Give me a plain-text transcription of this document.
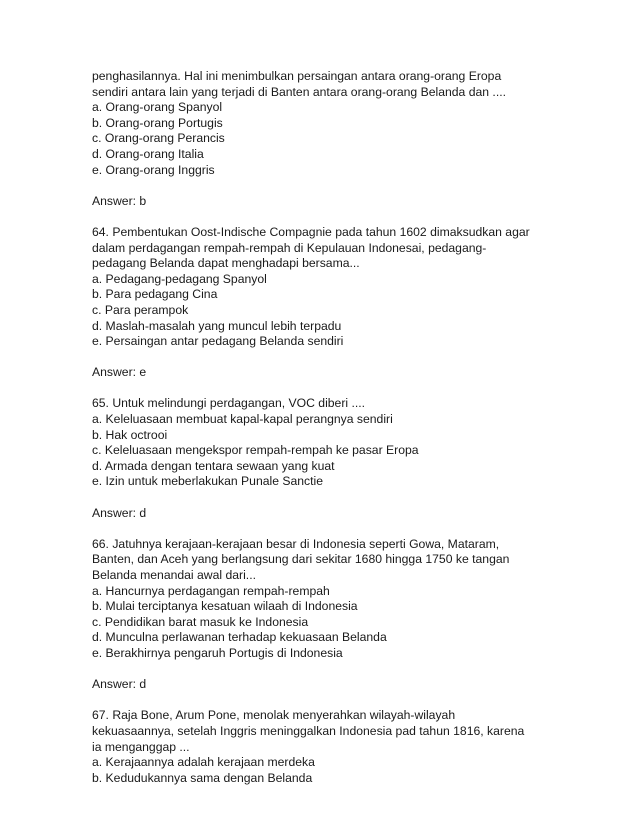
penghasilannya. Hal ini menimbulkan persaingan antara orang-orang Eropa
sendiri antara lain yang terjadi di Banten antara orang-orang Belanda dan ....
a. Orang-orang Spanyol
b. Orang-orang Portugis
c. Orang-orang Perancis
d. Orang-orang Italia
e. Orang-orang Inggris
Answer: b
64. Pembentukan Oost-Indische Compagnie pada tahun 1602 dimaksudkan agar
dalam perdagangan rempah-rempah di Kepulauan Indonesai, pedagang-
pedagang Belanda dapat menghadapi bersama...
a. Pedagang-pedagang Spanyol
b. Para pedagang Cina
c. Para perampok
d. Maslah-masalah yang muncul lebih terpadu
e. Persaingan antar pedagang Belanda sendiri
Answer: e
65. Untuk melindungi perdagangan, VOC diberi ....
a. Keleluasaan membuat kapal-kapal perangnya sendiri
b. Hak octrooi
c. Keleluasaan mengekspor rempah-rempah ke pasar Eropa
d. Armada dengan tentara sewaan yang kuat
e. Izin untuk meberlakukan Punale Sanctie
Answer: d
66. Jatuhnya kerajaan-kerajaan besar di Indonesia seperti Gowa, Mataram,
Banten, dan Aceh yang berlangsung dari sekitar 1680 hingga 1750 ke tangan
Belanda menandai awal dari...
a. Hancurnya perdagangan rempah-rempah
b. Mulai terciptanya kesatuan wilaah di Indonesia
c. Pendidikan barat masuk ke Indonesia
d. Munculna perlawanan terhadap kekuasaan Belanda
e. Berakhirnya pengaruh Portugis di Indonesia
Answer: d
67. Raja Bone, Arum Pone, menolak menyerahkan wilayah-wilayah
kekuasaannya, setelah Inggris meninggalkan Indonesia pad tahun 1816, karena
ia menganggap ...
a. Kerajaannya adalah kerajaan merdeka
b. Kedudukannya sama dengan Belanda
